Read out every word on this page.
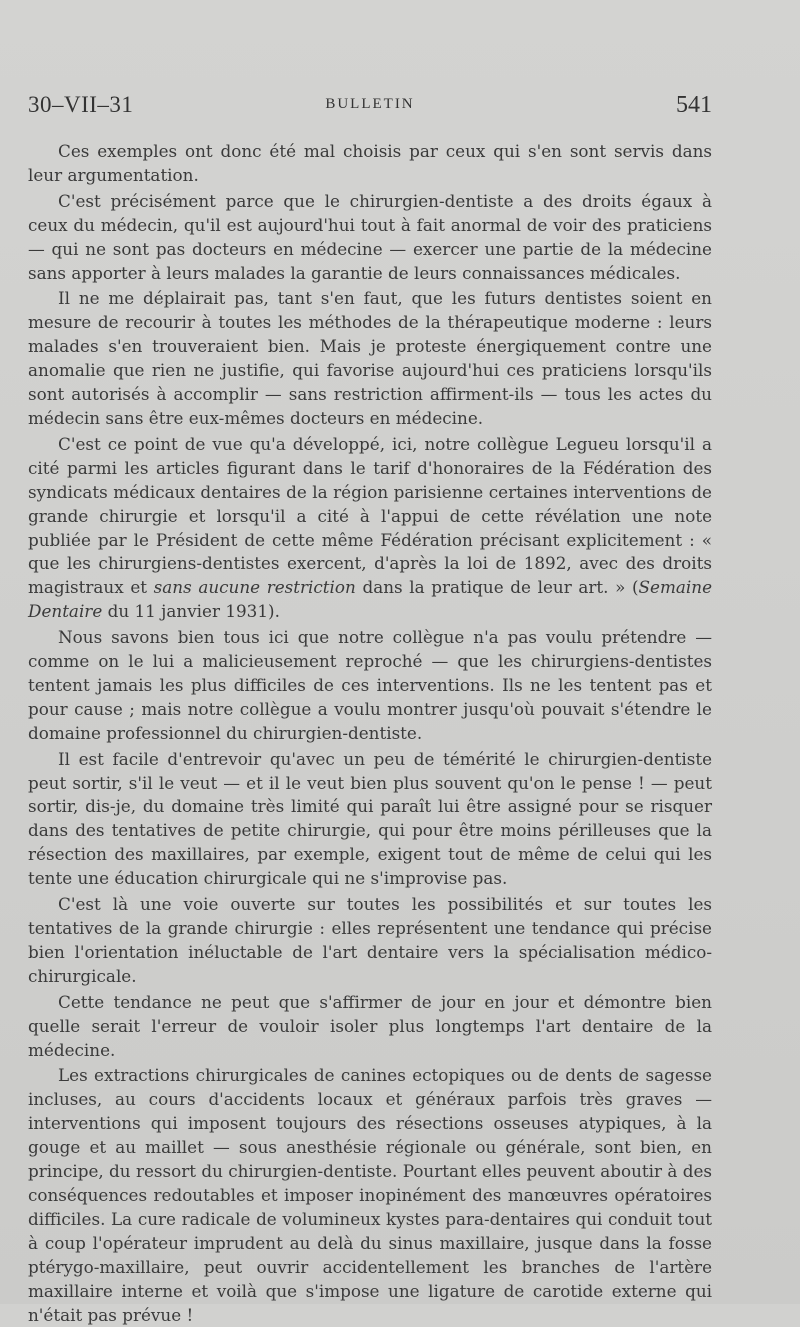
30–VII–31	BULLETIN	541

Ces exemples ont donc été mal choisis par ceux qui s'en sont servis dans leur argumentation.

C'est précisément parce que le chirurgien-dentiste a des droits égaux à ceux du médecin, qu'il est aujourd'hui tout à fait anormal de voir des praticiens — qui ne sont pas docteurs en médecine — exercer une partie de la médecine sans apporter à leurs malades la garantie de leurs connaissances médicales.

Il ne me déplairait pas, tant s'en faut, que les futurs dentistes soient en mesure de recourir à toutes les méthodes de la thérapeutique moderne : leurs malades s'en trouveraient bien. Mais je proteste énergiquement contre une anomalie que rien ne justifie, qui favorise aujourd'hui ces praticiens lorsqu'ils sont autorisés à accomplir — sans restriction affirment-ils — tous les actes du médecin sans être eux-mêmes docteurs en médecine.

C'est ce point de vue qu'a développé, ici, notre collègue Legueu lorsqu'il a cité parmi les articles figurant dans le tarif d'honoraires de la Fédération des syndicats médicaux dentaires de la région parisienne certaines interventions de grande chirurgie et lorsqu'il a cité à l'appui de cette révélation une note publiée par le Président de cette même Fédération précisant explicitement : « que les chirurgiens-dentistes exercent, d'après la loi de 1892, avec des droits magistraux et sans aucune restriction dans la pratique de leur art. » (Semaine Dentaire du 11 janvier 1931).

Nous savons bien tous ici que notre collègue n'a pas voulu prétendre — comme on le lui a malicieusement reproché — que les chirurgiens-dentistes tentent jamais les plus difficiles de ces interventions. Ils ne les tentent pas et pour cause ; mais notre collègue a voulu montrer jusqu'où pouvait s'étendre le domaine professionnel du chirurgien-dentiste.

Il est facile d'entrevoir qu'avec un peu de témérité le chirurgien-dentiste peut sortir, s'il le veut — et il le veut bien plus souvent qu'on le pense ! — peut sortir, dis-je, du domaine très limité qui paraît lui être assigné pour se risquer dans des tentatives de petite chirurgie, qui pour être moins périlleuses que la résection des maxillaires, par exemple, exigent tout de même de celui qui les tente une éducation chirurgicale qui ne s'improvise pas.

C'est là une voie ouverte sur toutes les possibilités et sur toutes les tentatives de la grande chirurgie : elles représentent une tendance qui précise bien l'orientation inéluctable de l'art dentaire vers la spécialisation médico-chirurgicale.

Cette tendance ne peut que s'affirmer de jour en jour et démontre bien quelle serait l'erreur de vouloir isoler plus longtemps l'art dentaire de la médecine.

Les extractions chirurgicales de canines ectopiques ou de dents de sagesse incluses, au cours d'accidents locaux et généraux parfois très graves — interventions qui imposent toujours des résections osseuses atypiques, à la gouge et au maillet — sous anesthésie régionale ou générale, sont bien, en principe, du ressort du chirurgien-dentiste. Pourtant elles peuvent aboutir à des conséquences redoutables et imposer inopinément des manœuvres opératoires difficiles. La cure radicale de volumineux kystes para-dentaires qui conduit tout à coup l'opérateur imprudent au delà du sinus maxillaire, jusque dans la fosse ptérygo-maxillaire, peut ouvrir accidentellement les branches de l'artère maxillaire interne et voilà que s'impose une ligature de carotide externe qui n'était pas prévue !
